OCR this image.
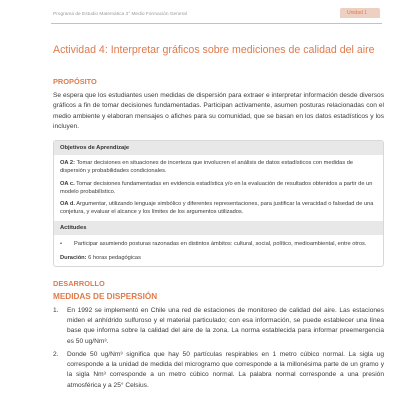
Programa de Estudio Matemática 3° Medio Formación General	Unidad 1
Actividad 4: Interpretar gráficos sobre mediciones de calidad del aire
PROPÓSITO
Se espera que los estudiantes usen medidas de dispersión para extraer e interpretar información desde diversos gráficos a fin de tomar decisiones fundamentadas. Participan activamente, asumen posturas relacionadas con el medio ambiente y elaboran mensajes o afiches para su comunidad, que se basan en los datos estadísticos y los incluyen.
Objetivos de Aprendizaje
OA 2: Tomar decisiones en situaciones de incerteza que involucren el análisis de datos estadísticos con medidas de dispersión y probabilidades condicionales.
OA c. Tomar decisiones fundamentadas en evidencia estadística y/o en la evaluación de resultados obtenidos a partir de un modelo probabilístico.
OA d. Argumentar, utilizando lenguaje simbólico y diferentes representaciones, para justificar la veracidad o falsedad de una conjetura, y evaluar el alcance y los límites de los argumentos utilizados.
Actitudes
•	Participar asumiendo posturas razonadas en distintos ámbitos: cultural, social, político, medioambiental, entre otros.
Duración: 6 horas pedagógicas
DESARROLLO
MEDIDAS DE DISPERSIÓN
1.	En 1992 se implementó en Chile una red de estaciones de monitoreo de calidad del aire. Las estaciones miden el anhídrido sulfuroso y el material particulado; con esa información, se puede establecer una línea base que informa sobre la calidad del aire de la zona. La norma establecida para informar preemergencia es 50 ug/Nm³.
2.	Donde 50 ug/Nm³ significa que hay 50 partículas respirables en 1 metro cúbico normal. La sigla ug corresponde a la unidad de medida del microgramo que corresponde a la millonésima parte de un gramo y la sigla Nm³ corresponde a un metro cúbico normal. La palabra normal corresponde a una presión atmosférica y a 25° Celsius.
